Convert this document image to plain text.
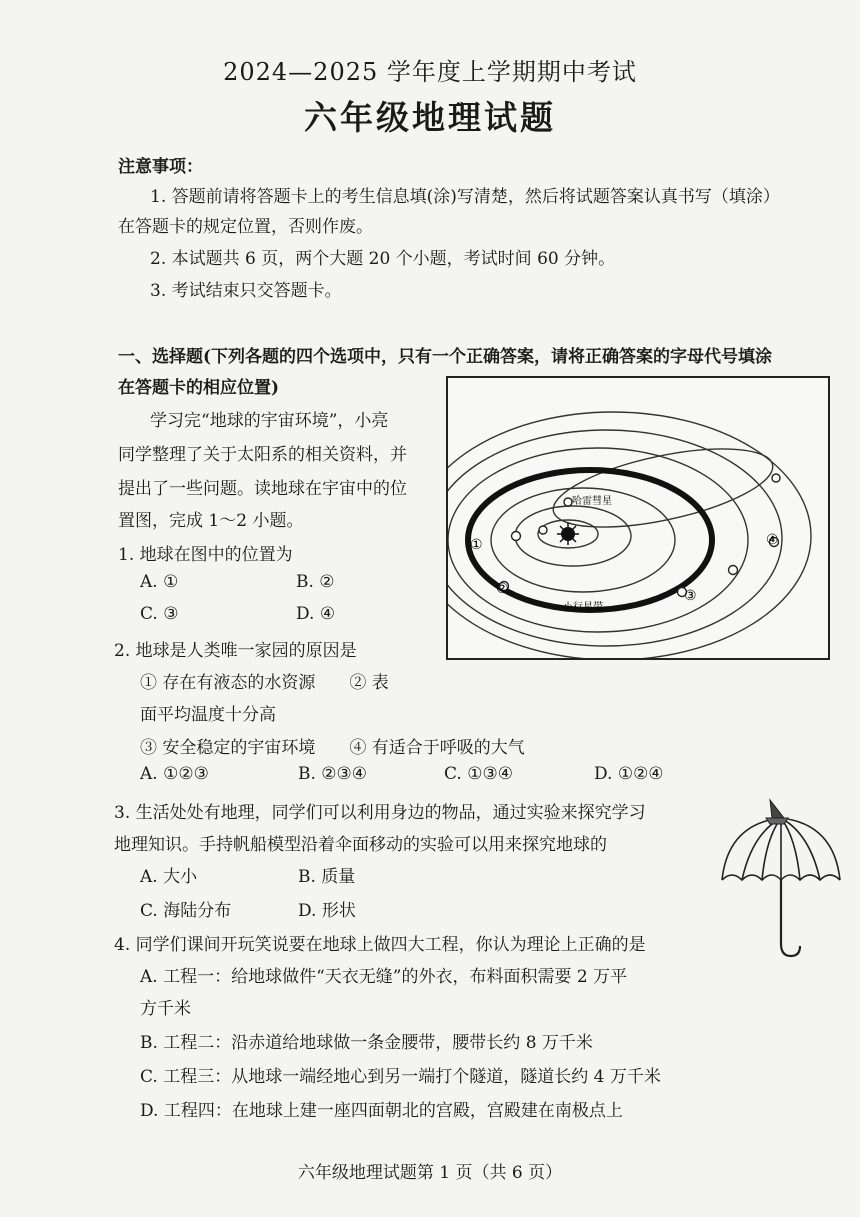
2024—2025 学年度上学期期中考试
六年级地理试题
注意事项：
1. 答题前请将答题卡上的考生信息填(涂)写清楚，然后将试题答案认真书写（填涂）
在答题卡的规定位置，否则作废。
2. 本试题共 6 页，两个大题 20 个小题，考试时间 60 分钟。
3. 考试结束只交答题卡。
一、选择题(下列各题的四个选项中，只有一个正确答案，请将正确答案的字母代号填涂
在答题卡的相应位置)
学习完“地球的宇宙环境”，小亮
同学整理了关于太阳系的相关资料，并
提出了一些问题。读地球在宇宙中的位
置图，完成 1～2 小题。
哈雷彗星
小行星带
①
②	③
④
1. 地球在图中的位置为
A. ①	B. ②
C. ③	D. ④
2. 地球是人类唯一家园的原因是
① 存在有液态的水资源　　② 表
面平均温度十分高
③ 安全稳定的宇宙环境　　④ 有适合于呼吸的大气
A. ①②③	B. ②③④	C. ①③④	D. ①②④
3. 生活处处有地理，同学们可以利用身边的物品，通过实验来探究学习
地理知识。手持帆船模型沿着伞面移动的实验可以用来探究地球的
A. 大小	B. 质量
C. 海陆分布	D. 形状
4. 同学们课间开玩笑说要在地球上做四大工程，你认为理论上正确的是
A. 工程一：给地球做件“天衣无缝”的外衣，布料面积需要 2 万平
方千米
B. 工程二：沿赤道给地球做一条金腰带，腰带长约 8 万千米
C. 工程三：从地球一端经地心到另一端打个隧道，隧道长约 4 万千米
D. 工程四：在地球上建一座四面朝北的宫殿，宫殿建在南极点上
六年级地理试题第 1 页（共 6 页）
